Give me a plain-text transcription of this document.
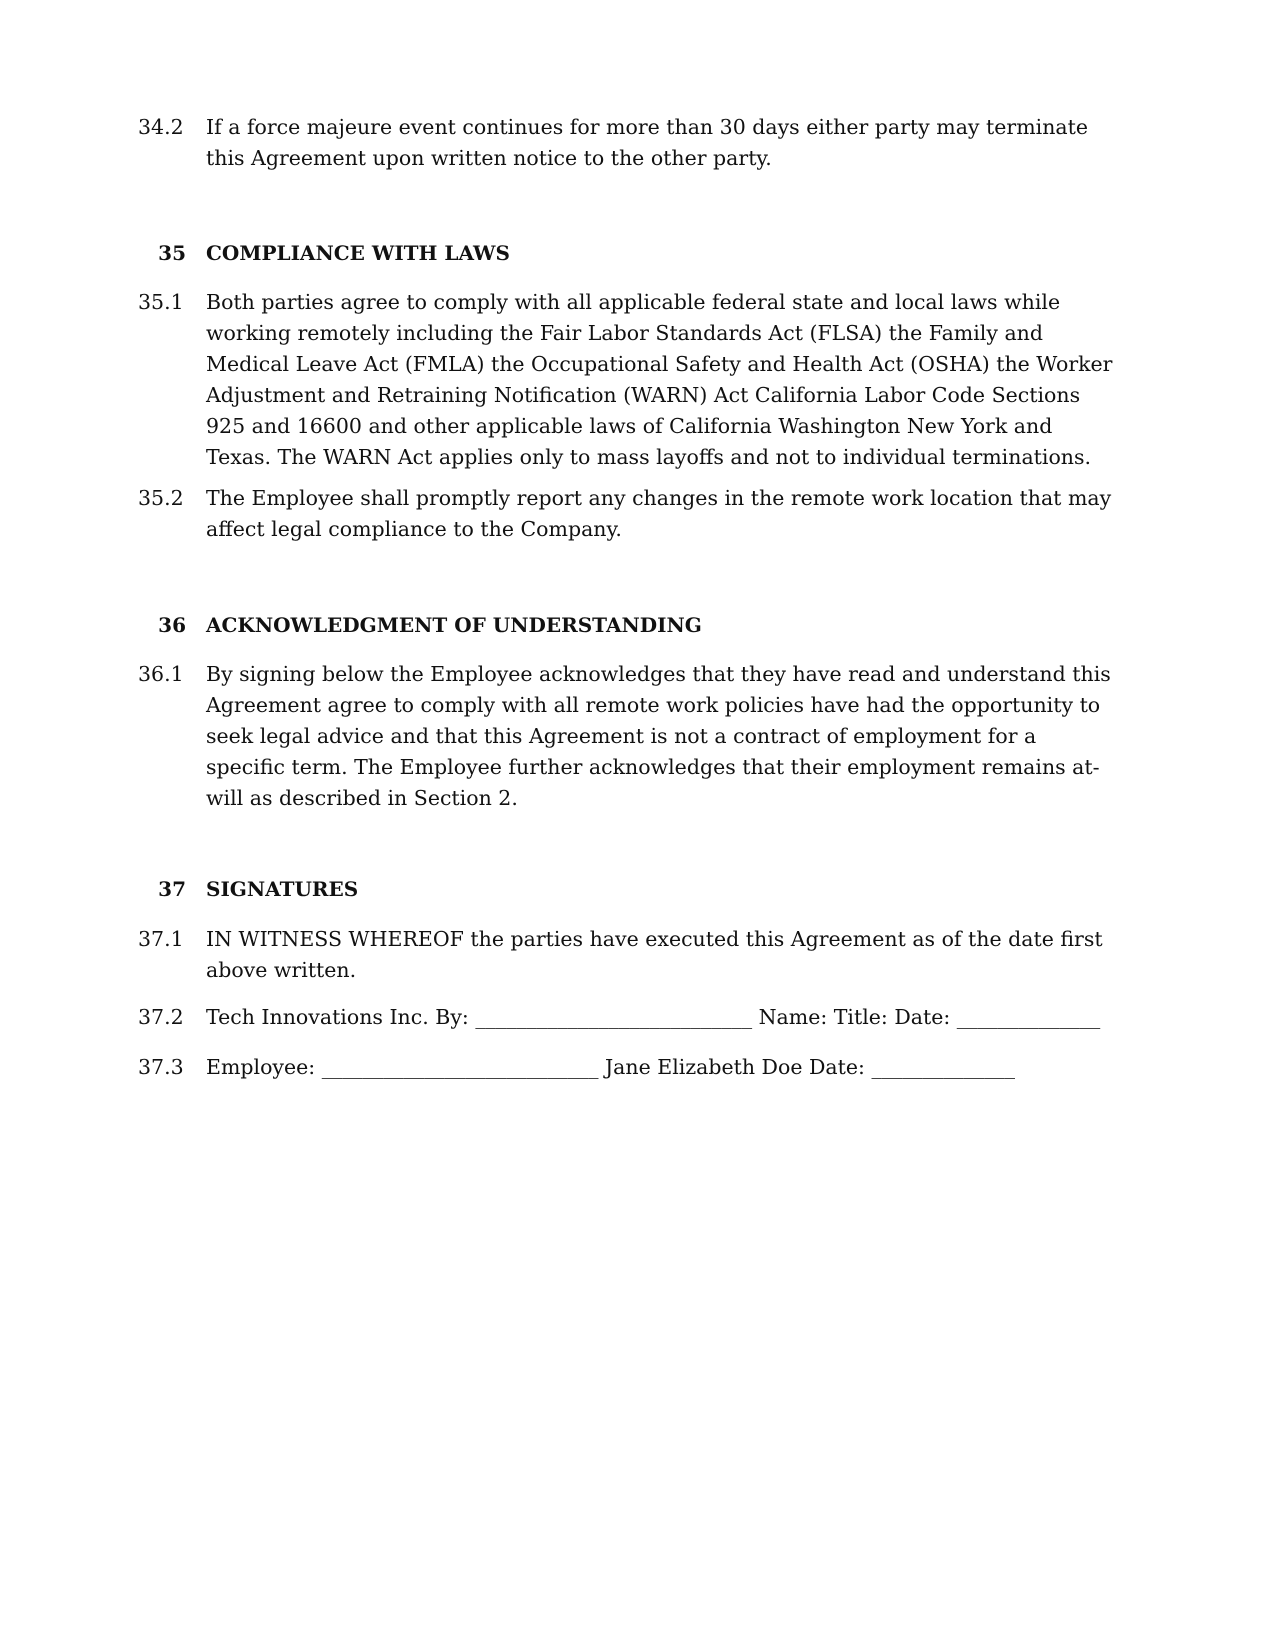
34.2	If a force majeure event continues for more than 30 days either party may terminate this Agreement upon written notice to the other party.
35	COMPLIANCE WITH LAWS
35.1	Both parties agree to comply with all applicable federal state and local laws while working remotely including the Fair Labor Standards Act (FLSA) the Family and Medical Leave Act (FMLA) the Occupational Safety and Health Act (OSHA) the Worker Adjustment and Retraining Notification (WARN) Act California Labor Code Sections 925 and 16600 and other applicable laws of California Washington New York and Texas. The WARN Act applies only to mass layoffs and not to individual terminations.
35.2	The Employee shall promptly report any changes in the remote work location that may affect legal compliance to the Company.
36	ACKNOWLEDGMENT OF UNDERSTANDING
36.1	By signing below the Employee acknowledges that they have read and understand this Agreement agree to comply with all remote work policies have had the opportunity to seek legal advice and that this Agreement is not a contract of employment for a specific term. The Employee further acknowledges that their employment remains at-will as described in Section 2.
37	SIGNATURES
37.1	IN WITNESS WHEREOF the parties have executed this Agreement as of the date first above written.
37.2	Tech Innovations Inc. By: ___________________________ Name: Title: Date: ______________
37.3	Employee: ___________________________ Jane Elizabeth Doe Date: ______________
